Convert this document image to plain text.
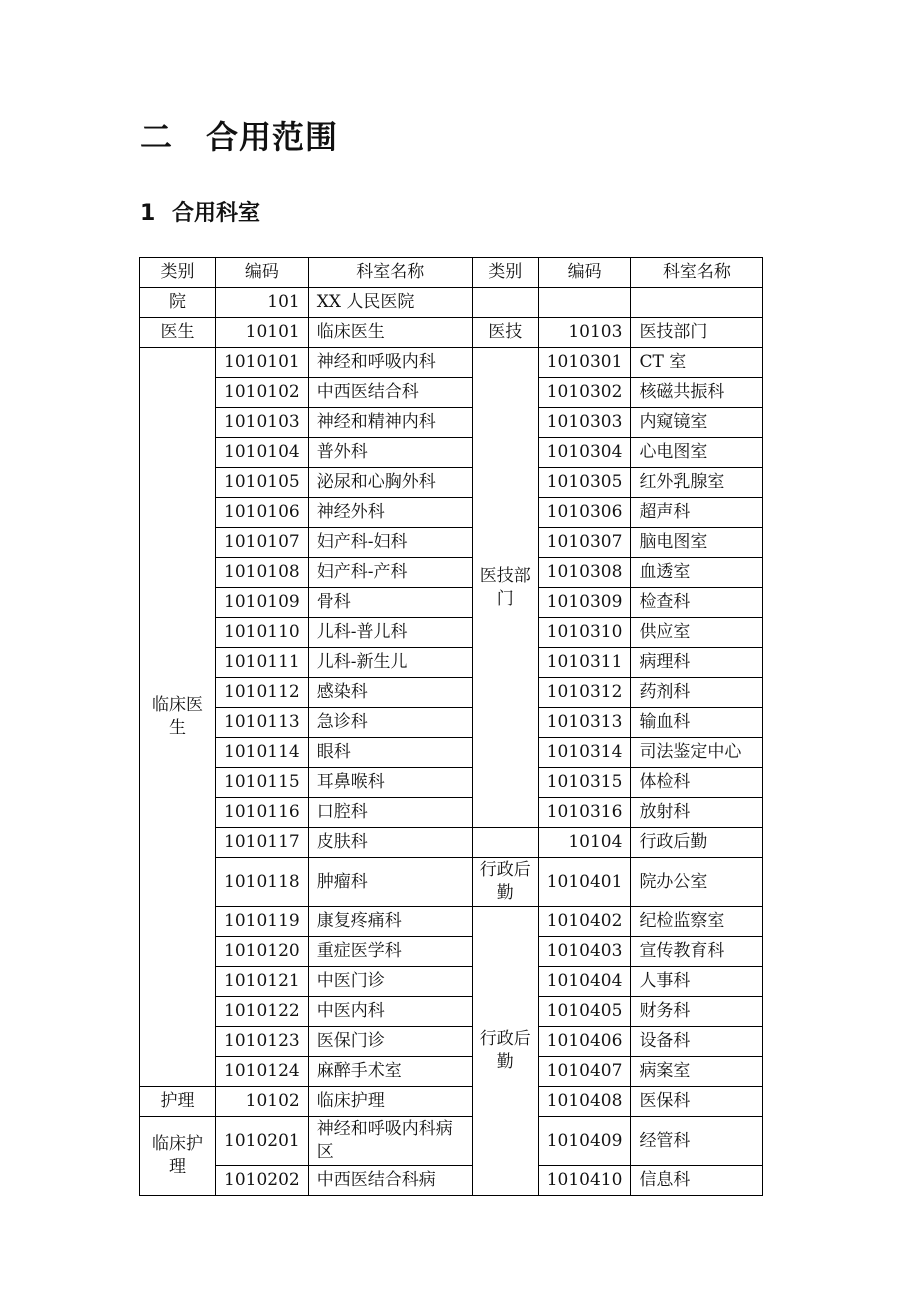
二 合用范围
1 合用科室
类别	编码	科室名称	类别	编码	科室名称
院	101	XX 人民医院			
医生	10101	临床医生	医技	10103	医技部门
临床医生	1010101	神经和呼吸内科	医技部门	1010301	CT 室
	1010102	中西医结合科		1010302	核磁共振科
	1010103	神经和精神内科		1010303	内窥镜室
	1010104	普外科		1010304	心电图室
	1010105	泌尿和心胸外科		1010305	红外乳腺室
	1010106	神经外科		1010306	超声科
	1010107	妇产科-妇科		1010307	脑电图室
	1010108	妇产科-产科		1010308	血透室
	1010109	骨科		1010309	检查科
	1010110	儿科-普儿科		1010310	供应室
	1010111	儿科-新生儿		1010311	病理科
	1010112	感染科		1010312	药剂科
	1010113	急诊科		1010313	输血科
	1010114	眼科		1010314	司法鉴定中心
	1010115	耳鼻喉科		1010315	体检科
	1010116	口腔科		1010316	放射科
	1010117	皮肤科		10104	行政后勤
	1010118	肿瘤科	行政后勤	1010401	院办公室
	1010119	康复疼痛科	行政后勤	1010402	纪检监察室
	1010120	重症医学科		1010403	宣传教育科
	1010121	中医门诊		1010404	人事科
	1010122	中医内科		1010405	财务科
	1010123	医保门诊		1010406	设备科
	1010124	麻醉手术室		1010407	病案室
护理	10102	临床护理		1010408	医保科
临床护理	1010201	神经和呼吸内科病区		1010409	经管科
	1010202	中西医结合科病		1010410	信息科
